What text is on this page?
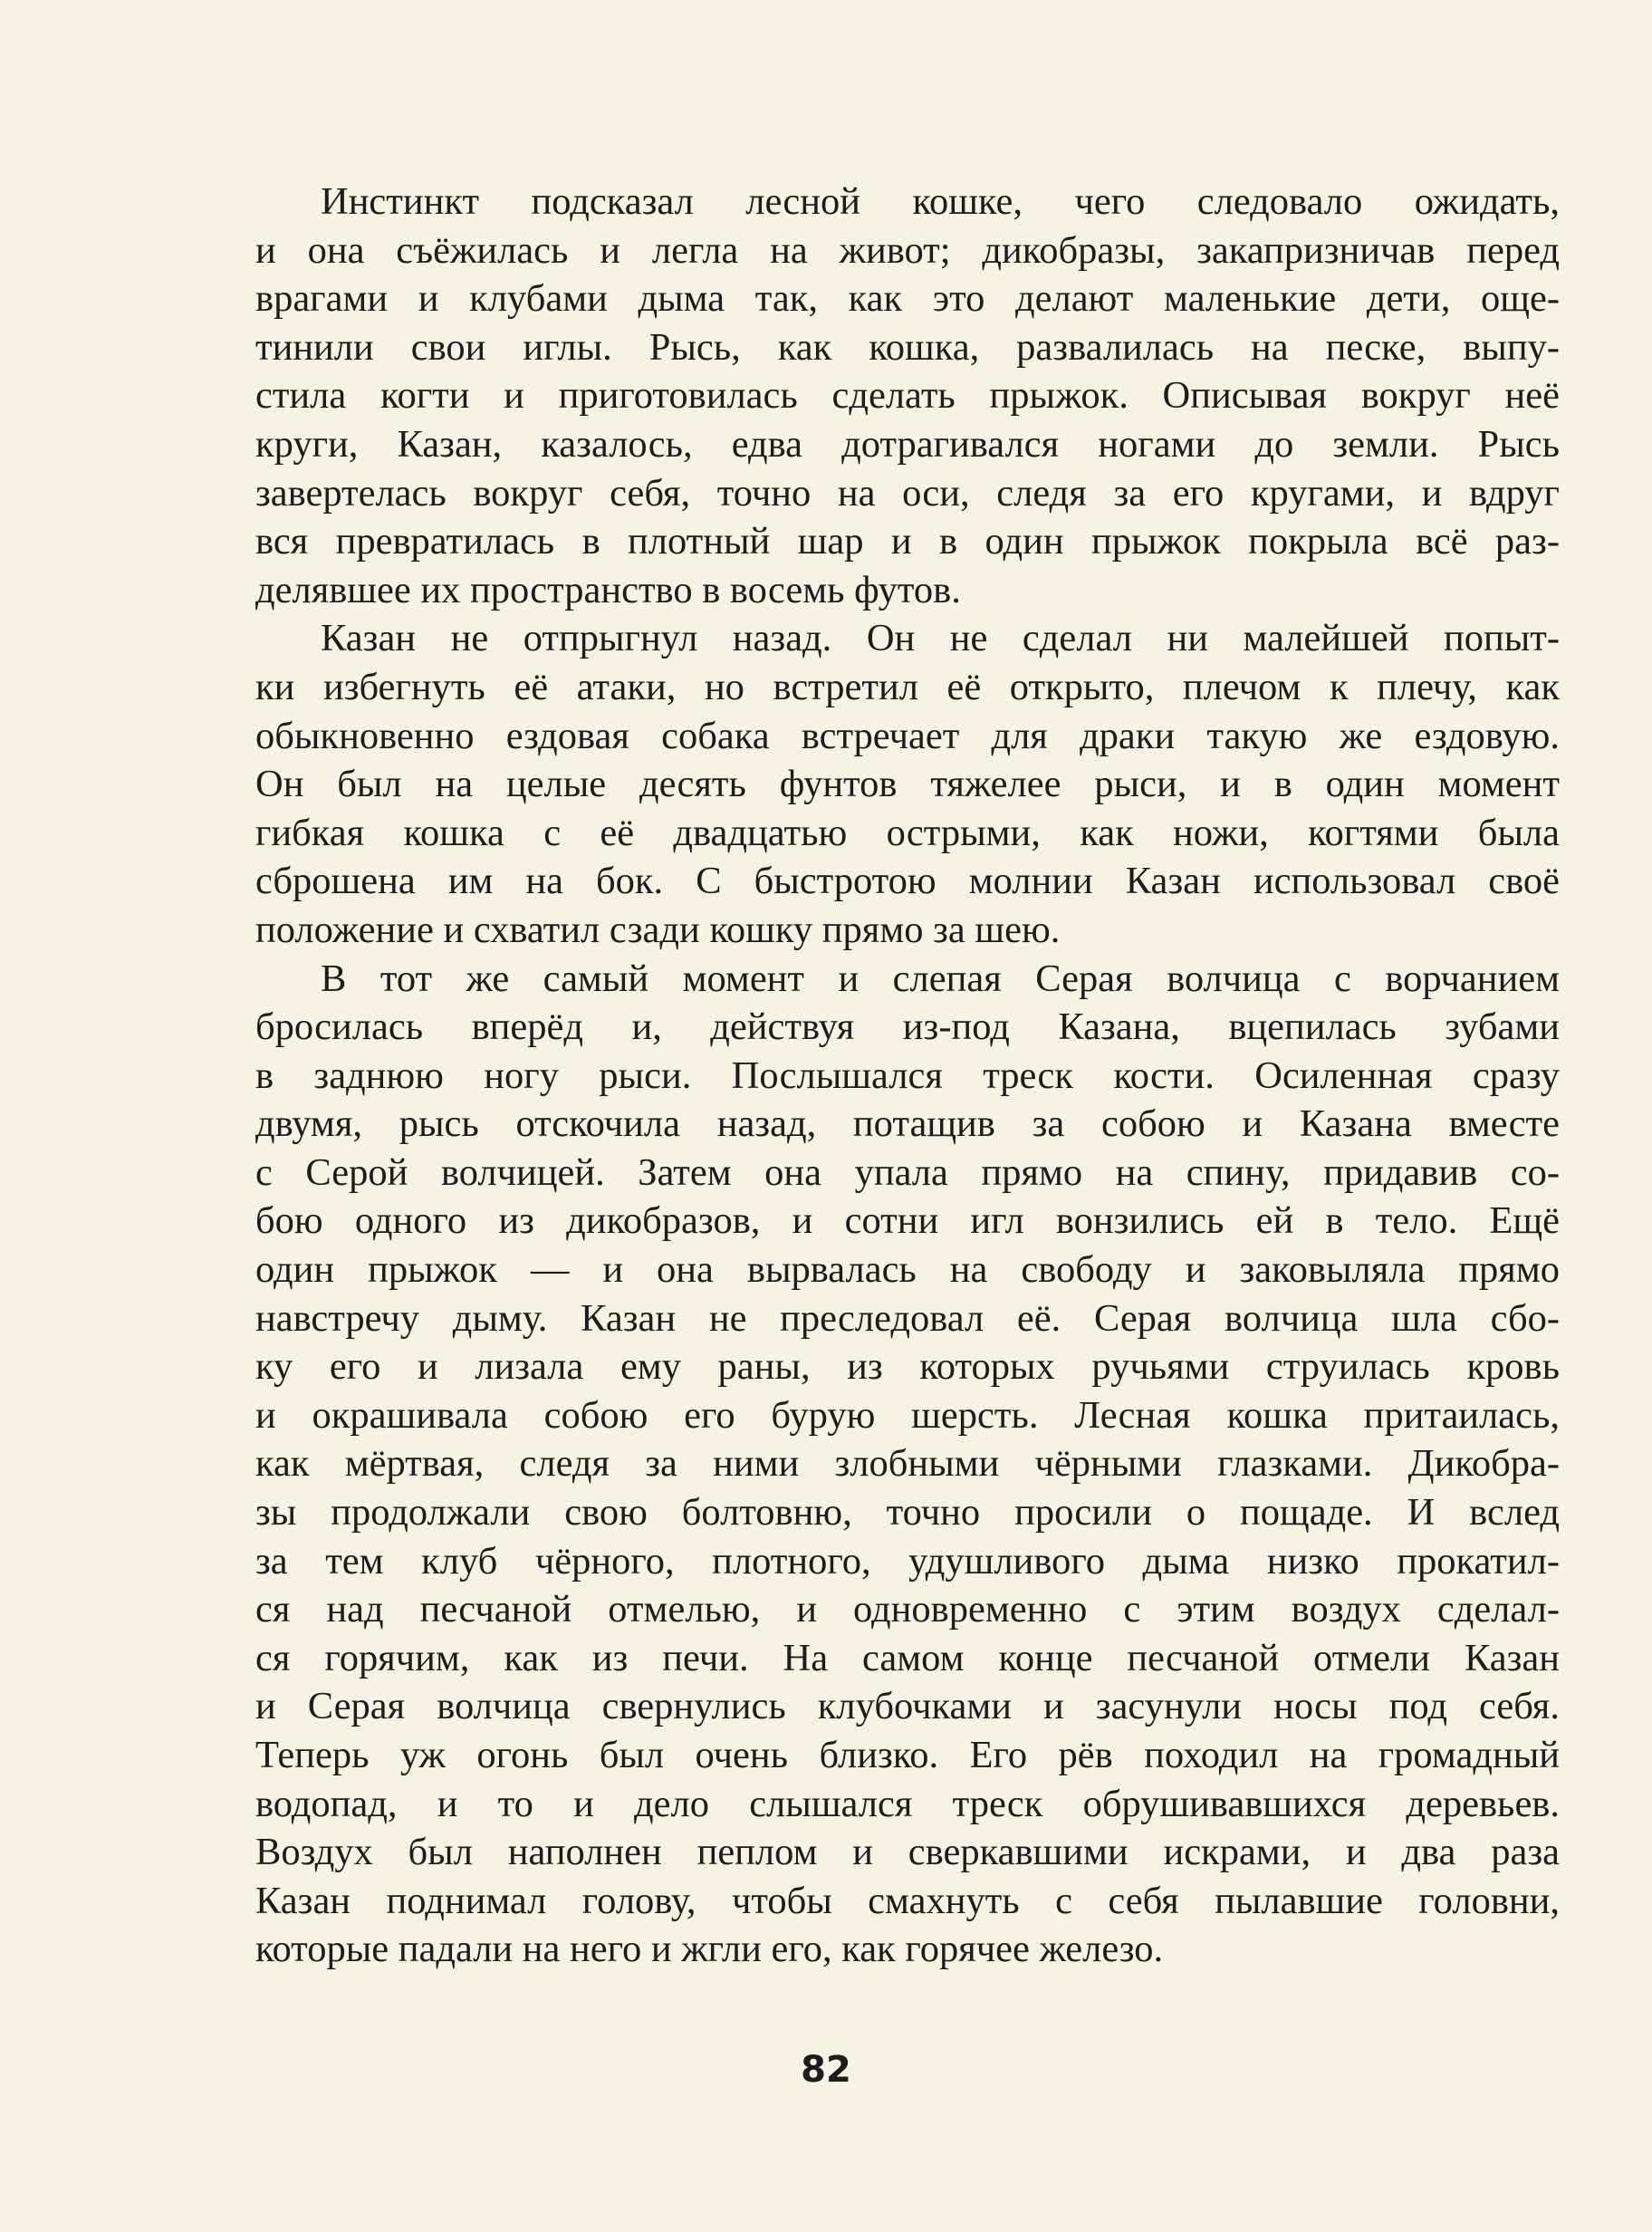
Инстинкт подсказал лесной кошке, чего следовало ожидать,
и она съёжилась и легла на живот; дикобразы, закапризничав перед
врагами и клубами дыма так, как это делают маленькие дети, още-
тинили свои иглы. Рысь, как кошка, развалилась на песке, выпу-
стила когти и приготовилась сделать прыжок. Описывая вокруг неё
круги, Казан, казалось, едва дотрагивался ногами до земли. Рысь
завертелась вокруг себя, точно на оси, следя за его кругами, и вдруг
вся превратилась в плотный шар и в один прыжок покрыла всё раз-
делявшее их пространство в восемь футов.
Казан не отпрыгнул назад. Он не сделал ни малейшей попыт-
ки избегнуть её атаки, но встретил её открыто, плечом к плечу, как
обыкновенно ездовая собака встречает для драки такую же ездовую.
Он был на целые десять фунтов тяжелее рыси, и в один момент
гибкая кошка с её двадцатью острыми, как ножи, когтями была
сброшена им на бок. С быстротою молнии Казан использовал своё
положение и схватил сзади кошку прямо за шею.
В тот же самый момент и слепая Серая волчица с ворчанием
бросилась вперёд и, действуя из-под Казана, вцепилась зубами
в заднюю ногу рыси. Послышался треск кости. Осиленная сразу
двумя, рысь отскочила назад, потащив за собою и Казана вместе
с Серой волчицей. Затем она упала прямо на спину, придавив со-
бою одного из дикобразов, и сотни игл вонзились ей в тело. Ещё
один прыжок — и она вырвалась на свободу и заковыляла прямо
навстречу дыму. Казан не преследовал её. Серая волчица шла сбо-
ку его и лизала ему раны, из которых ручьями струилась кровь
и окрашивала собою его бурую шерсть. Лесная кошка притаилась,
как мёртвая, следя за ними злобными чёрными глазками. Дикобра-
зы продолжали свою болтовню, точно просили о пощаде. И вслед
за тем клуб чёрного, плотного, удушливого дыма низко прокатил-
ся над песчаной отмелью, и одновременно с этим воздух сделал-
ся горячим, как из печи. На самом конце песчаной отмели Казан
и Серая волчица свернулись клубочками и засунули носы под себя.
Теперь уж огонь был очень близко. Его рёв походил на громадный
водопад, и то и дело слышался треск обрушивавшихся деревьев.
Воздух был наполнен пеплом и сверкавшими искрами, и два раза
Казан поднимал голову, чтобы смахнуть с себя пылавшие головни,
которые падали на него и жгли его, как горячее железо.
82
